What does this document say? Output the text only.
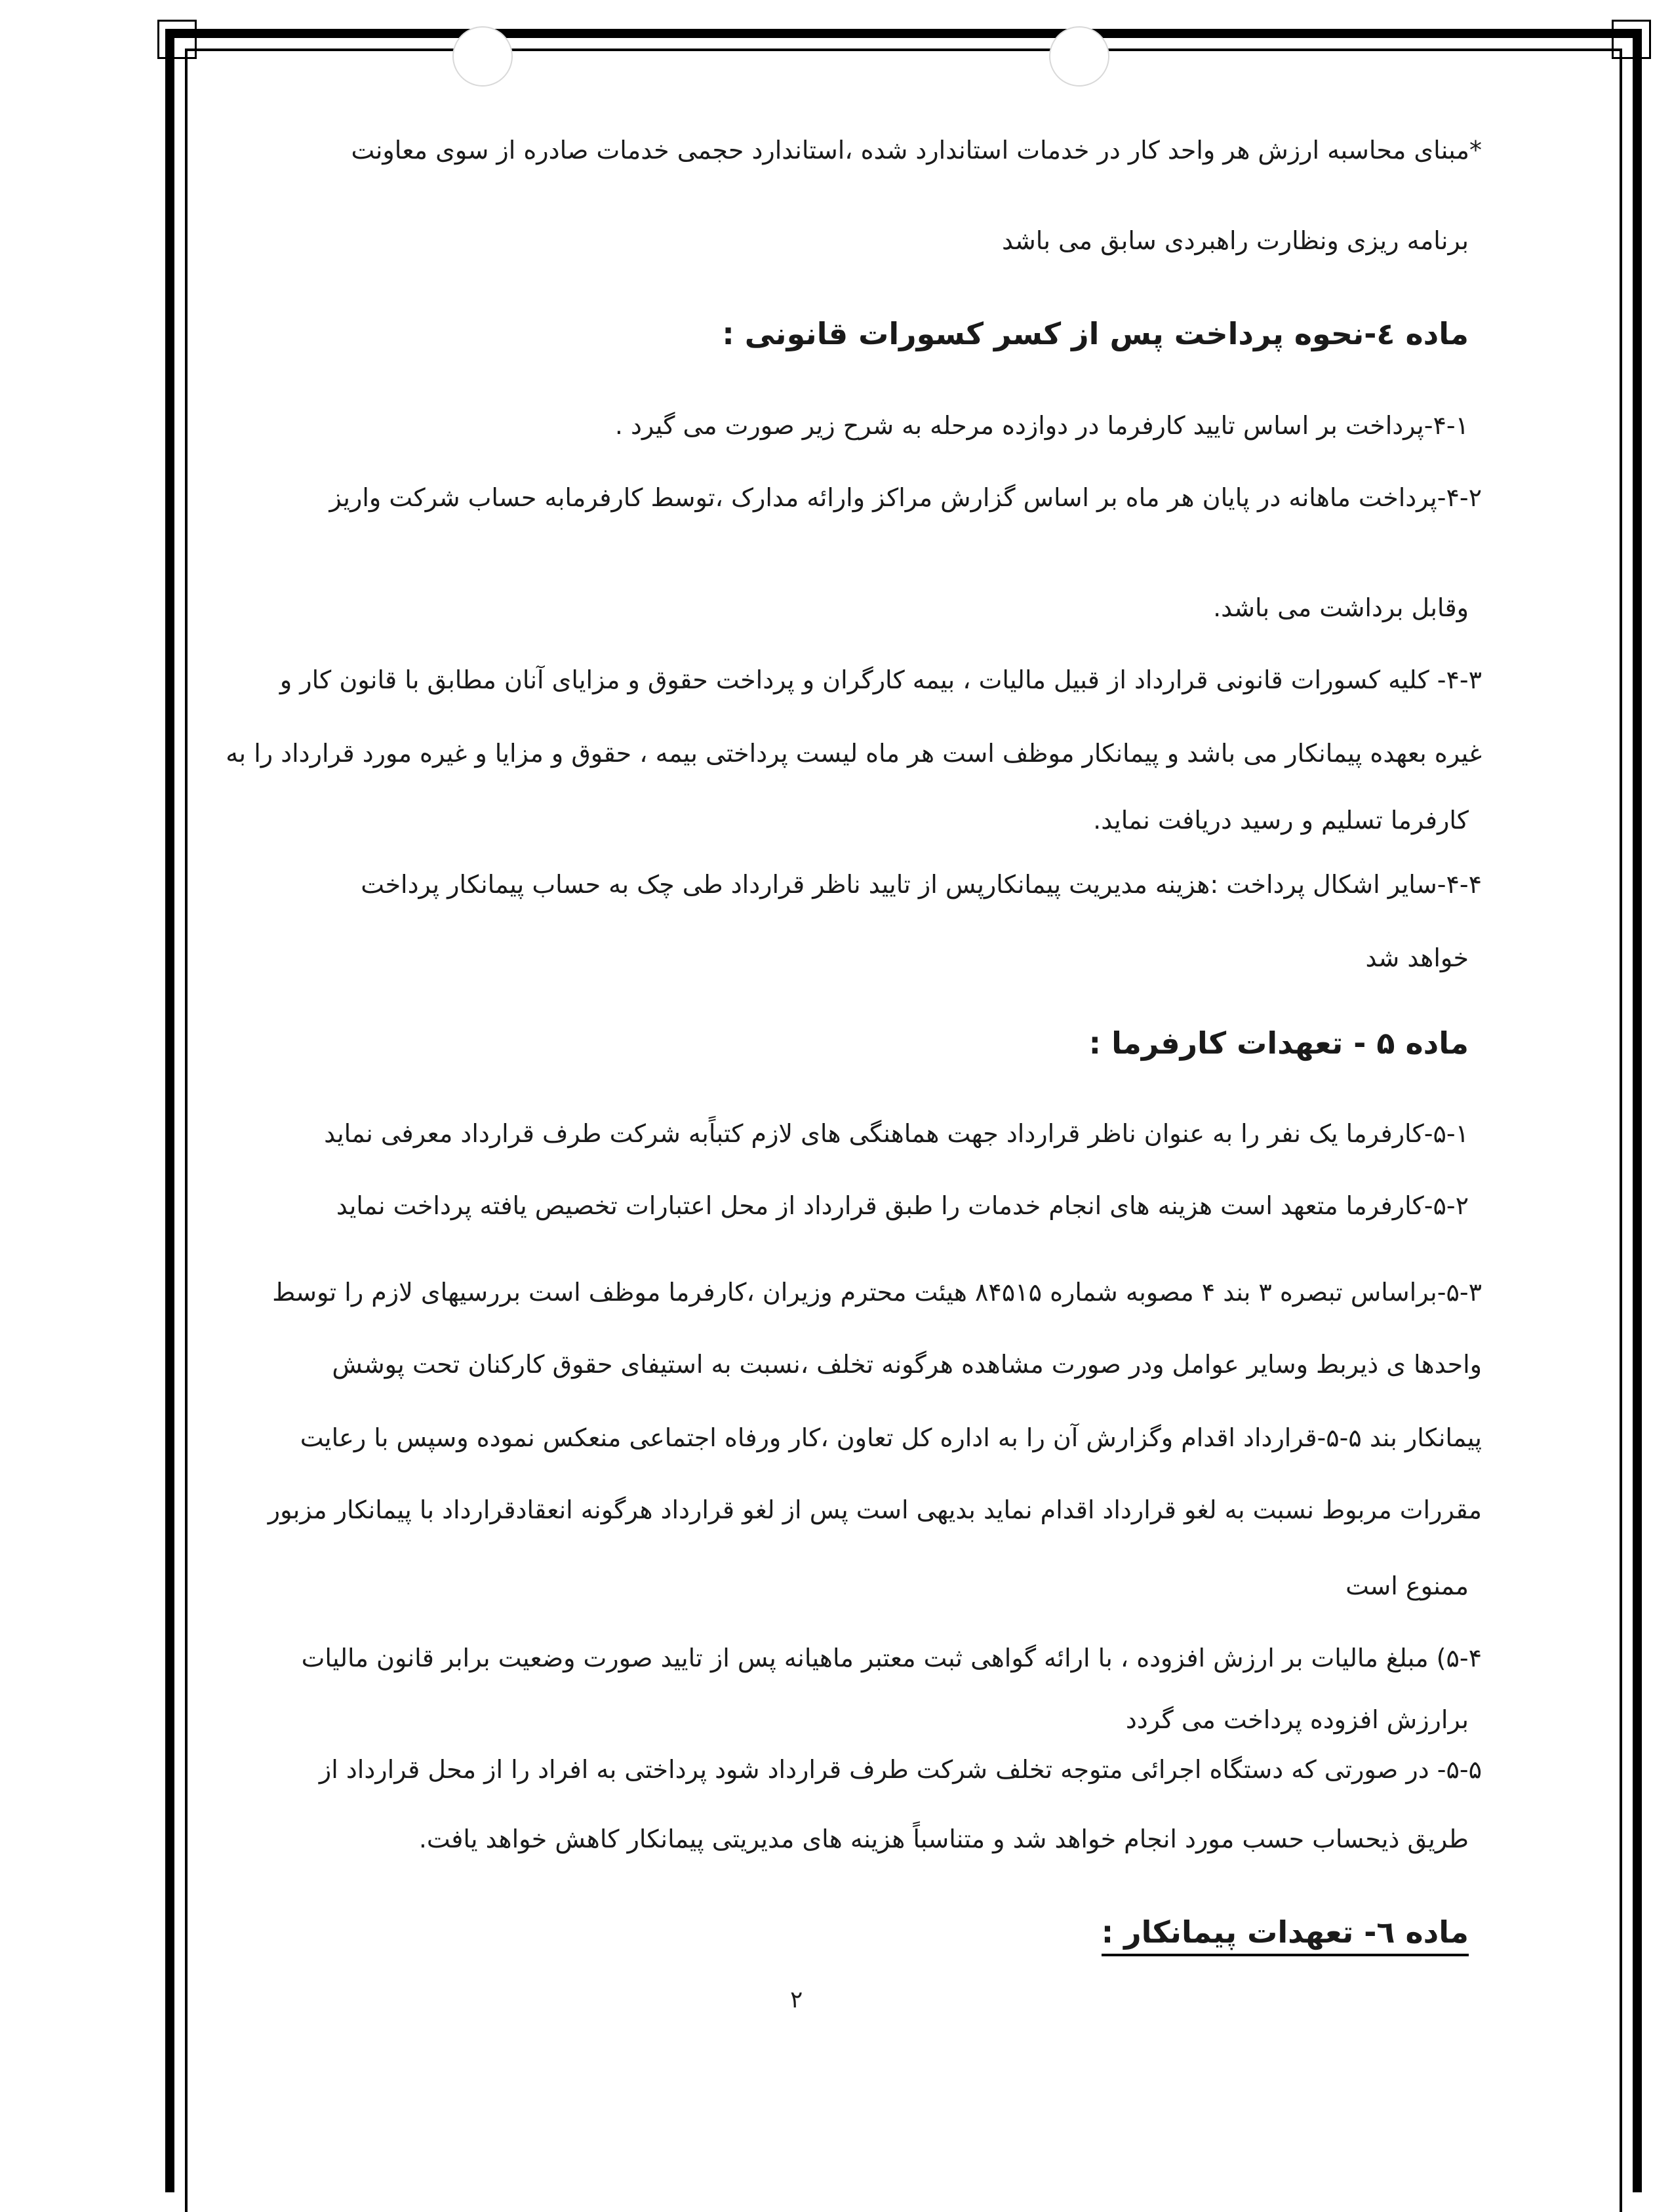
*مبنای محاسبه ارزش هر واحد کار در خدمات استاندارد شده ،استاندارد حجمی خدمات صادره از سوی معاونت
برنامه ریزی ونظارت راهبردی سابق می باشد
ماده ٤-نحوه پرداخت پس از کسر کسورات قانونی :
۴-۱-پرداخت بر اساس تایید کارفرما در دوازده مرحله به شرح زیر صورت می گیرد .
۴-۲-پرداخت ماهانه در پایان هر ماه بر اساس گزارش مراکز وارائه مدارک ،توسط کارفرمابه حساب شرکت واریز
وقابل برداشت می باشد.
۴-۳- کلیه کسورات قانونی قرارداد از قبیل مالیات ، بیمه کارگران و پرداخت حقوق و مزایای آنان مطابق با قانون کار و
غیره بعهده پیمانکار می باشد و پیمانکار موظف است هر ماه لیست پرداختی بیمه ، حقوق و مزایا و غیره مورد قرارداد را به
کارفرما تسلیم و رسید دریافت نماید.
۴-۴-سایر اشکال پرداخت :هزینه مدیریت پیمانکارپس از تایید ناظر قرارداد طی چک به حساب پیمانکار پرداخت
خواهد شد
ماده ۵ - تعهدات کارفرما :
۵-۱-کارفرما یک نفر را به عنوان ناظر قرارداد جهت هماهنگی های لازم کتباًبه شرکت طرف قرارداد معرفی نماید
۵-۲-کارفرما متعهد است هزینه های انجام خدمات را طبق قرارداد از محل اعتبارات تخصیص یافته پرداخت نماید
۵-۳-براساس تبصره ۳ بند ۴ مصوبه شماره ۸۴۵۱۵ هیئت محترم وزیران ،کارفرما موظف است بررسیهای لازم را توسط
واحدها ی ذیربط وسایر عوامل ودر صورت مشاهده هرگونه تخلف ،نسبت به استیفای حقوق کارکنان تحت پوشش
پیمانکار بند ۵-۵-قرارداد اقدام وگزارش آن را به اداره کل تعاون ،کار ورفاه اجتماعی منعکس نموده وسپس با رعایت
مقررات مربوط نسبت به لغو قرارداد اقدام نماید بدیهی است پس از لغو قرارداد هرگونه انعقادقرارداد با پیمانکار مزبور
ممنوع است
۵-۴) مبلغ مالیات بر ارزش افزوده ، با ارائه گواهی ثبت معتبر ماهیانه پس از تایید صورت وضعیت برابر قانون مالیات
برارزش افزوده پرداخت می گردد
۵-۵- در صورتی که دستگاه اجرائی متوجه تخلف شرکت طرف قرارداد شود پرداختی به افراد را از محل قرارداد از
طریق ذیحساب حسب مورد انجام خواهد شد و متناسباً هزینه های مدیریتی پیمانکار کاهش خواهد یافت.
ماده ٦- تعهدات پیمانکار :
۲
